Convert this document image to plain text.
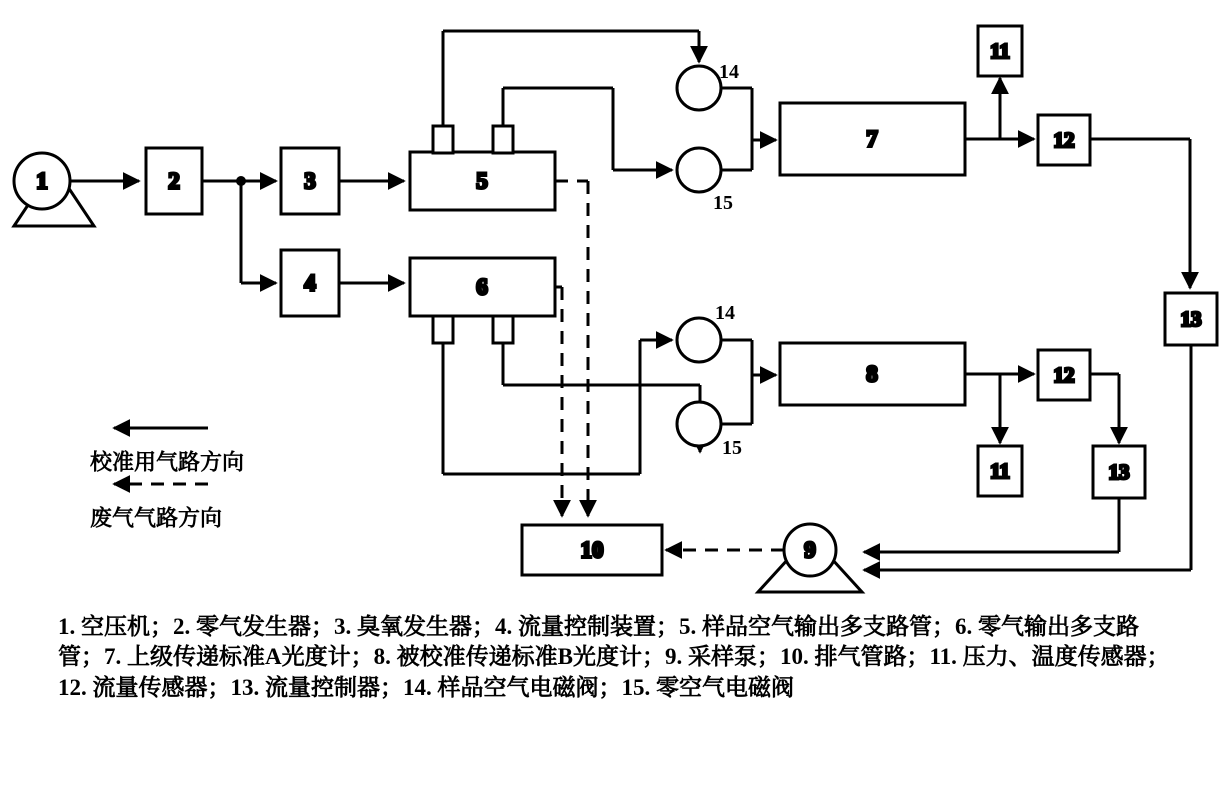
1	2	3
4
5
6
7
8
11
12
13
11
12
13
9
10
14
15
14
15
校准用气路方向
废气气路方向
1. 空压机；2. 零气发生器；3. 臭氧发生器；4. 流量控制装置；5. 样品空气输出多支路管；6. 零气输出多支路管；7. 上级传递标准A光度计；8. 被校准传递标准B光度计；9. 采样泵；10. 排气管路；11. 压力、温度传感器；12. 流量传感器；13. 流量控制器；14. 样品空气电磁阀；15. 零空气电磁阀
